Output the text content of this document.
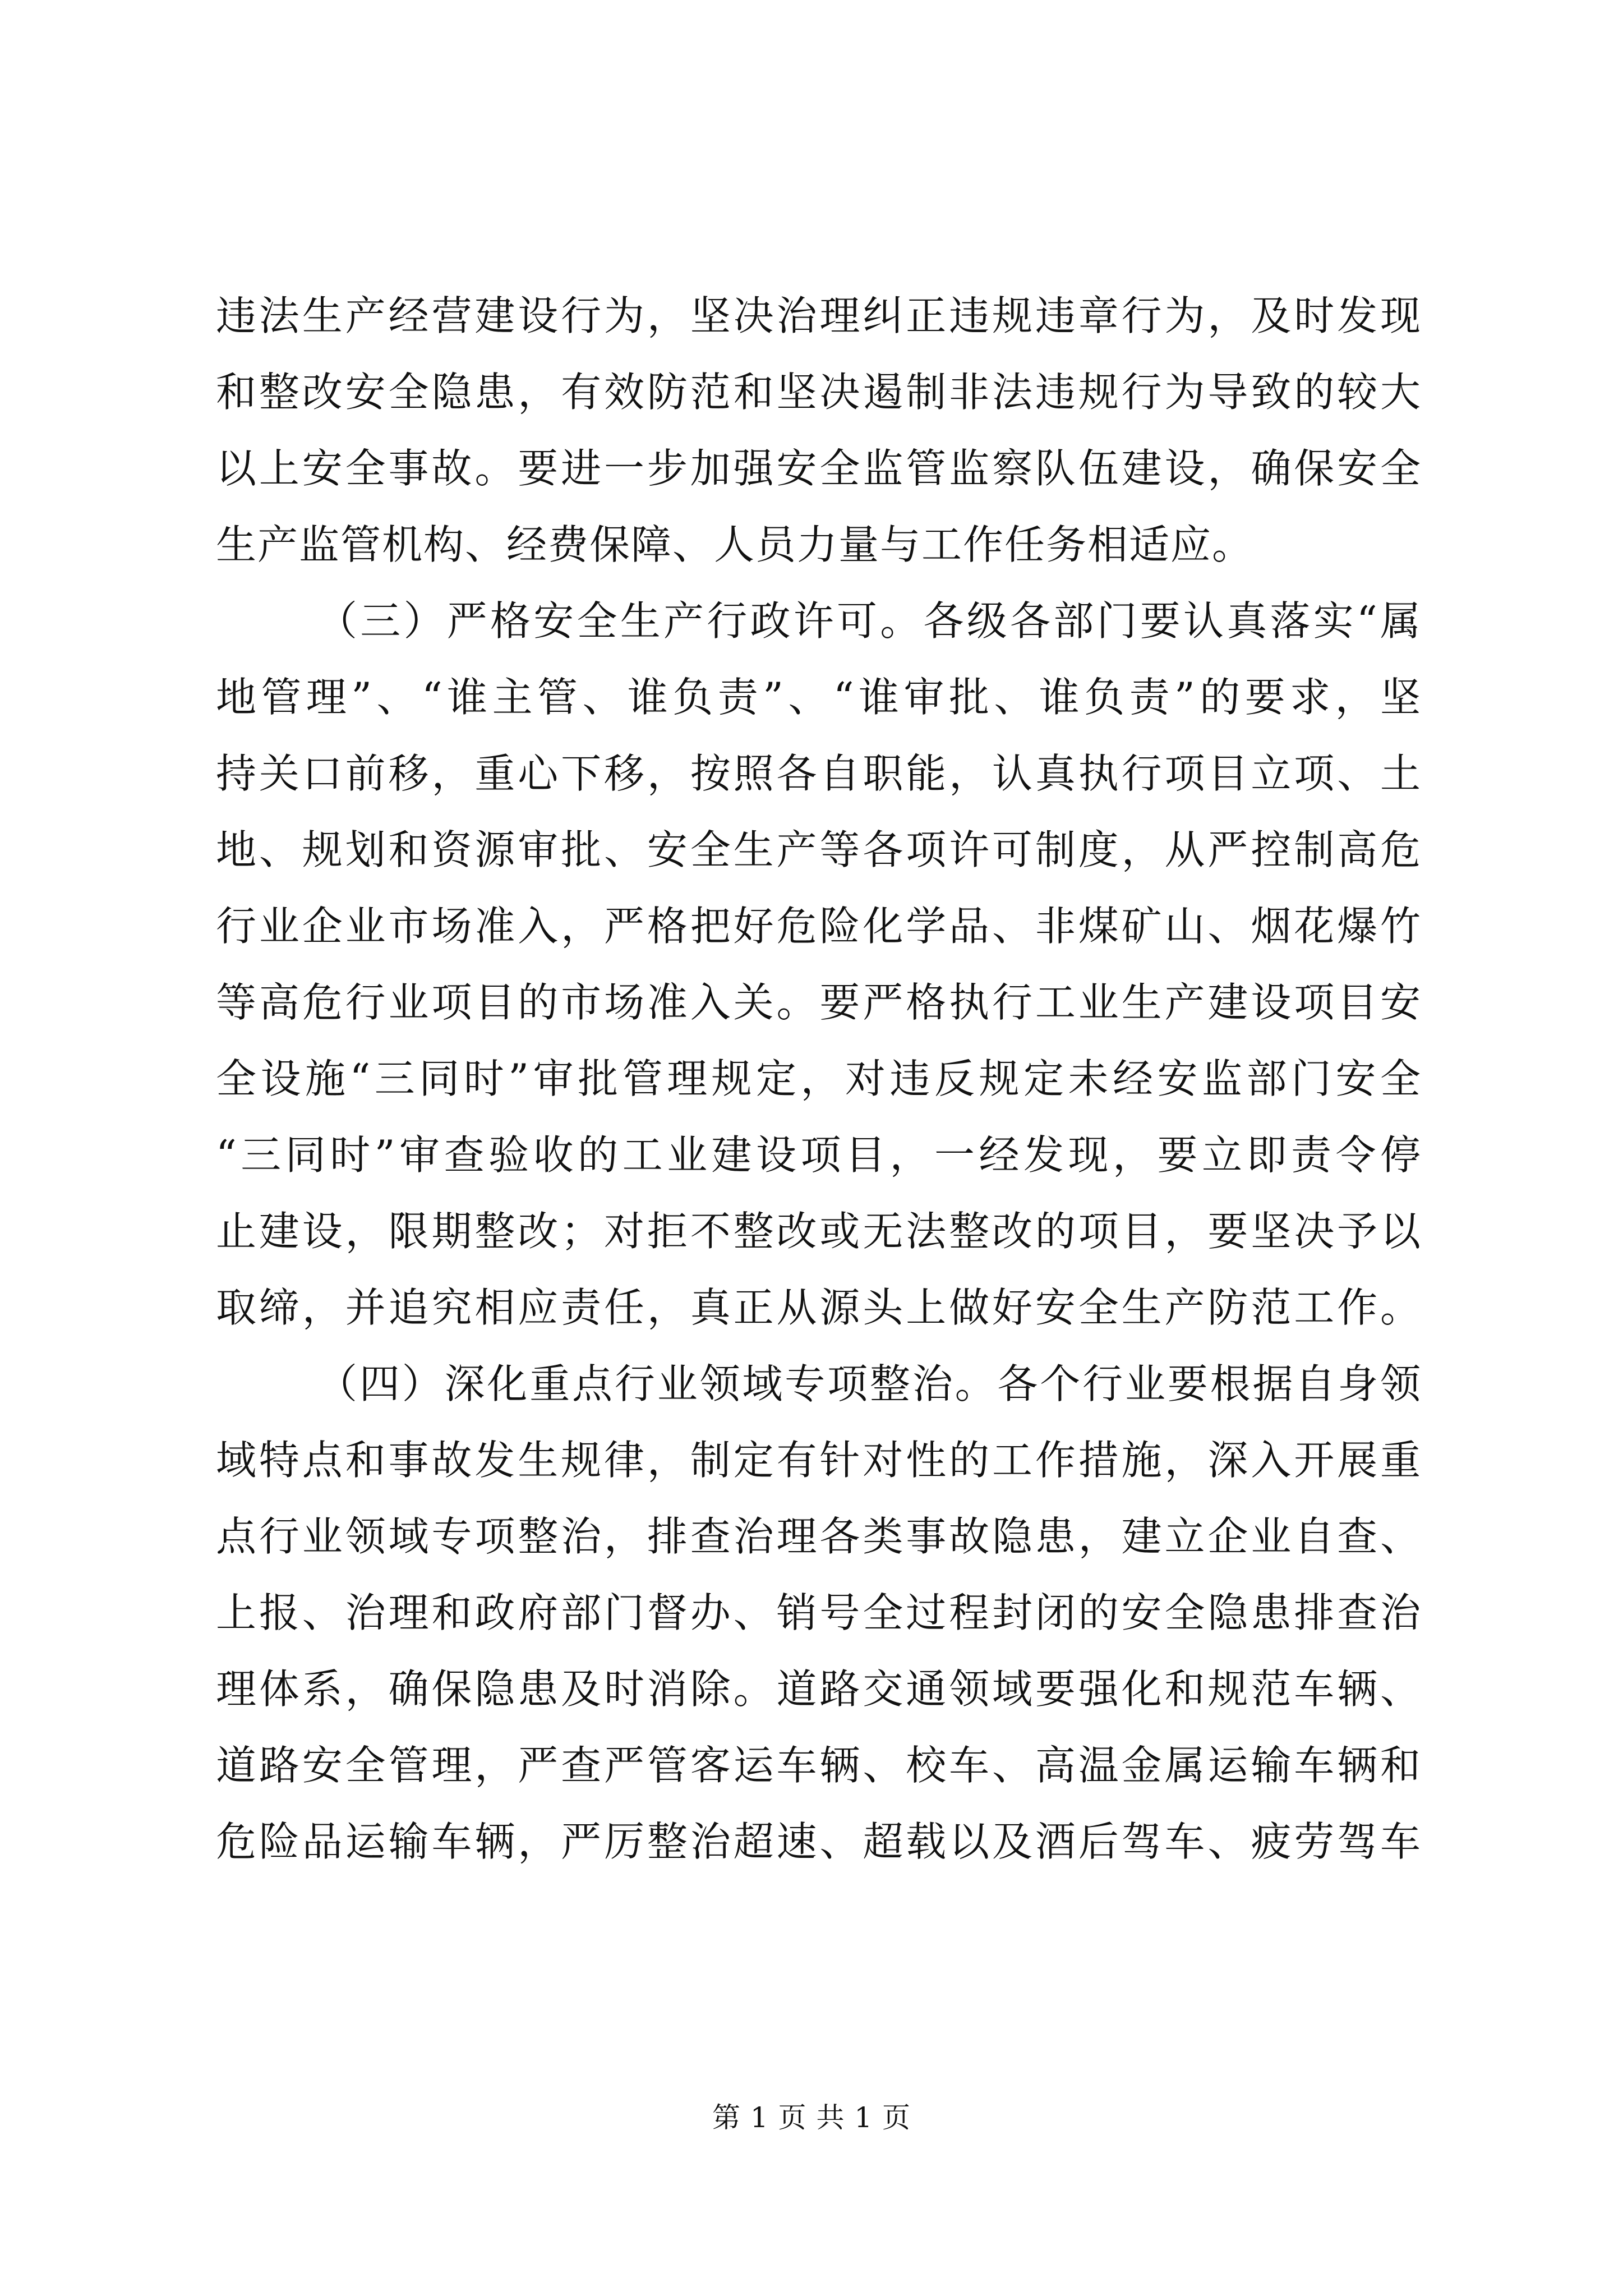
违法生产经营建设行为，坚决治理纠正违规违章行为，及时发现
和整改安全隐患，有效防范和坚决遏制非法违规行为导致的较大
以上安全事故。要进一步加强安全监管监察队伍建设，确保安全
生产监管机构、经费保障、人员力量与工作任务相适应。
（三）严格安全生产行政许可。各级各部门要认真落实“属
地管理”、“谁主管、谁负责”、“谁审批、谁负责”的要求，坚
持关口前移，重心下移，按照各自职能，认真执行项目立项、土
地、规划和资源审批、安全生产等各项许可制度，从严控制高危
行业企业市场准入，严格把好危险化学品、非煤矿山、烟花爆竹
等高危行业项目的市场准入关。要严格执行工业生产建设项目安
全设施“三同时”审批管理规定，对违反规定未经安监部门安全
“三同时”审查验收的工业建设项目，一经发现，要立即责令停
止建设，限期整改；对拒不整改或无法整改的项目，要坚决予以
取缔，并追究相应责任，真正从源头上做好安全生产防范工作。
（四）深化重点行业领域专项整治。各个行业要根据自身领
域特点和事故发生规律，制定有针对性的工作措施，深入开展重
点行业领域专项整治，排查治理各类事故隐患，建立企业自查、
上报、治理和政府部门督办、销号全过程封闭的安全隐患排查治
理体系，确保隐患及时消除。道路交通领域要强化和规范车辆、
道路安全管理，严查严管客运车辆、校车、高温金属运输车辆和
危险品运输车辆，严厉整治超速、超载以及酒后驾车、疲劳驾车
第 1 页 共 1 页
